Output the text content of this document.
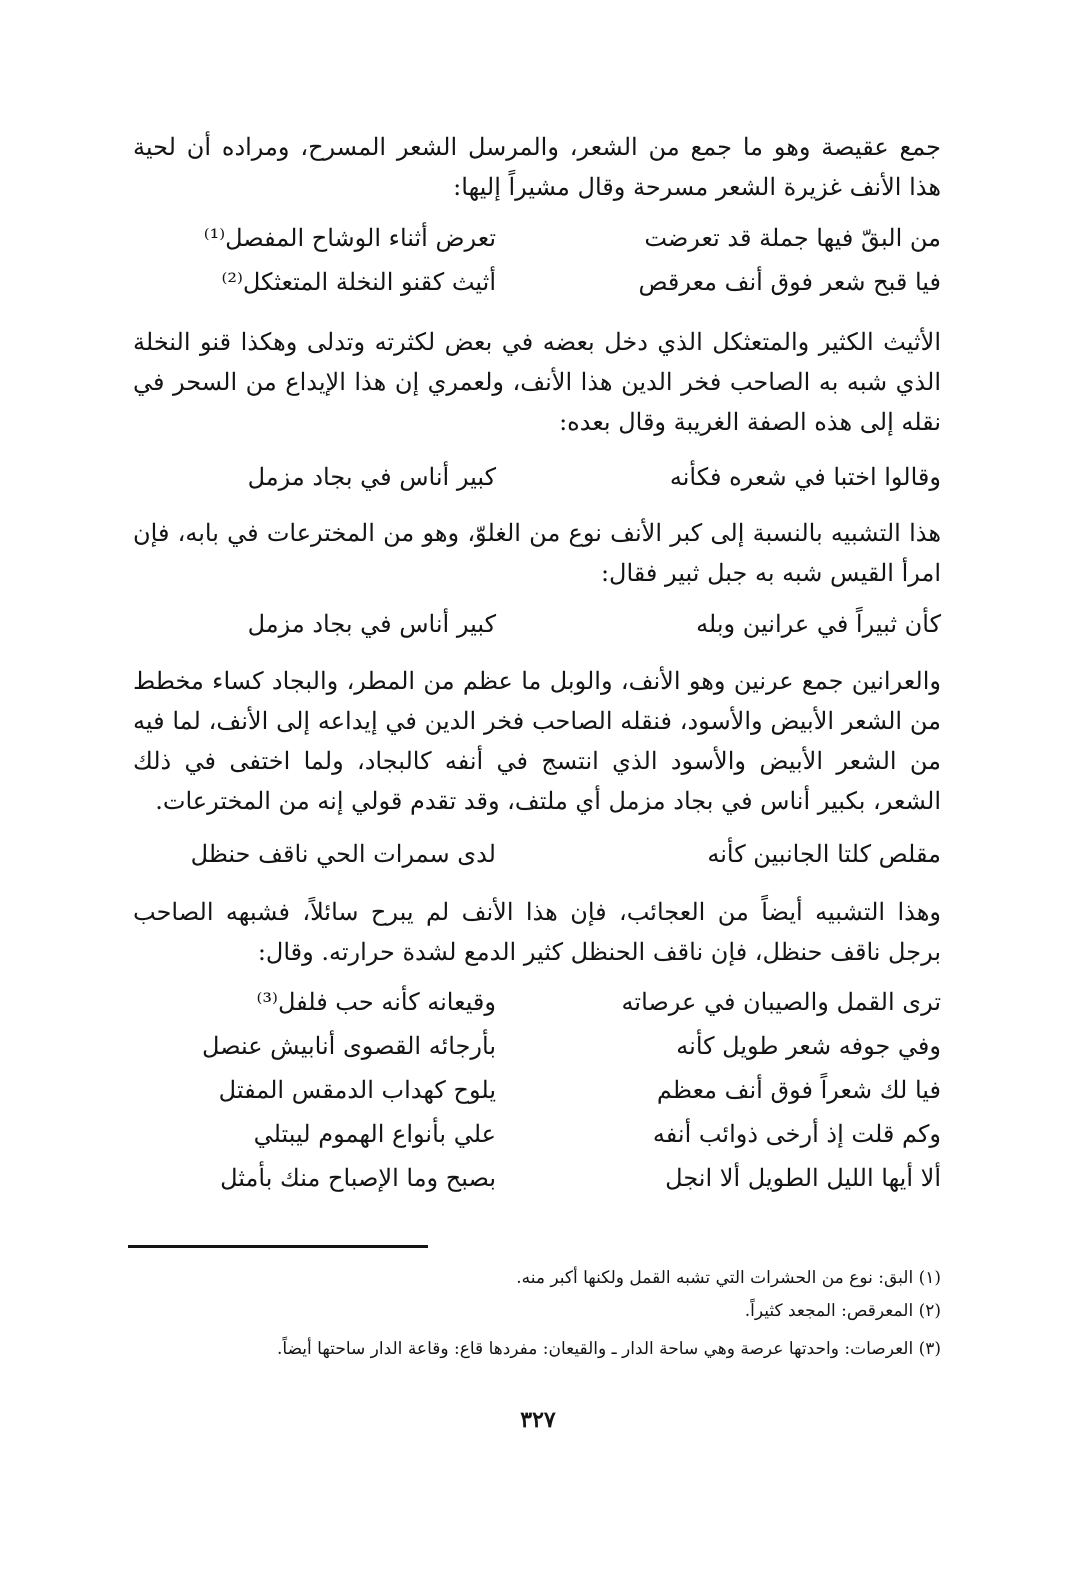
جمع عقيصة وهو ما جمع من الشعر، والمرسل الشعر المسرح، ومراده أن لحية هذا الأنف غزيرة الشعر مسرحة وقال مشيراً إليها:

من البقّ فيها جملة قد تعرضت
تعرض أثناء الوشاح المفصل⁽¹⁾
فيا قبح شعر فوق أنف معرقص
أثيث كقنو النخلة المتعثكل⁽²⁾

الأثيث الكثير والمتعثكل الذي دخل بعضه في بعض لكثرته وتدلى وهكذا قنو النخلة الذي شبه به الصاحب فخر الدين هذا الأنف، ولعمري إن هذا الإيداع من السحر في نقله إلى هذه الصفة الغريبة وقال بعده:

وقالوا اختبا في شعره فكأنه
كبير أناس في بجاد مزمل

هذا التشبيه بالنسبة إلى كبر الأنف نوع من الغلوّ، وهو من المخترعات في بابه، فإن امرأ القيس شبه به جبل ثبير فقال:

كأن ثبيراً في عرانين وبله
كبير أناس في بجاد مزمل

والعرانين جمع عرنين وهو الأنف، والوبل ما عظم من المطر، والبجاد كساء مخطط من الشعر الأبيض والأسود، فنقله الصاحب فخر الدين في إيداعه إلى الأنف، لما فيه من الشعر الأبيض والأسود الذي انتسج في أنفه كالبجاد، ولما اختفى في ذلك الشعر، بكبير أناس في بجاد مزمل أي ملتف، وقد تقدم قولي إنه من المخترعات.

مقلص كلتا الجانبين كأنه
لدى سمرات الحي ناقف حنظل

وهذا التشبيه أيضاً من العجائب، فإن هذا الأنف لم يبرح سائلاً، فشبهه الصاحب برجل ناقف حنظل، فإن ناقف الحنظل كثير الدمع لشدة حرارته. وقال:

ترى القمل والصيبان في عرصاته
وقيعانه كأنه حب فلفل⁽³⁾
وفي جوفه شعر طويل كأنه
بأرجائه القصوى أنابيش عنصل
فيا لك شعراً فوق أنف معظم
يلوح كهداب الدمقس المفتل
وكم قلت إذ أرخى ذوائب أنفه
علي بأنواع الهموم ليبتلي
ألا أيها الليل الطويل ألا انجل
بصبح وما الإصباح منك بأمثل
(١) البق: نوع من الحشرات التي تشبه القمل ولكنها أكبر منه.
(٢) المعرقص: المجعد كثيراً.
(٣) العرصات: واحدتها عرصة وهي ساحة الدار ـ والقيعان: مفردها قاع: وقاعة الدار ساحتها أيضاً.
٣٢٧
